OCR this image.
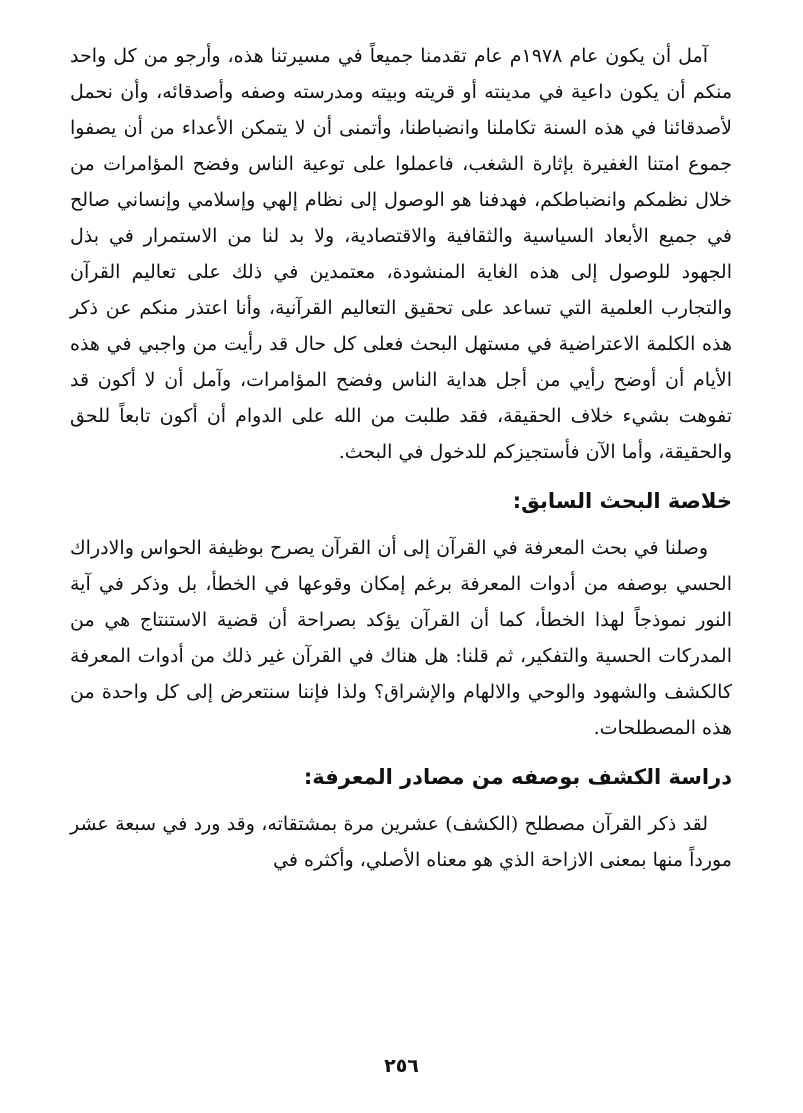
آمل أن يكون عام ١٩٧٨م عام تقدمنا جميعاً في مسيرتنا هذه، وأرجو من كل واحد منكم أن يكون داعية في مدينته أو قريته وبيته ومدرسته وصفه وأصدقائه، وأن نحمل لأصدقائنا في هذه السنة تكاملنا وانضباطنا، وأتمنى أن لا يتمكن الأعداء من أن يصفوا جموع امتنا الغفيرة بإثارة الشغب، فاعملوا على توعية الناس وفضح المؤامرات من خلال نظمكم وانضباطكم، فهدفنا هو الوصول إلى نظام إلهي وإسلامي وإنساني صالح في جميع الأبعاد السياسية والثقافية والاقتصادية، ولا بد لنا من الاستمرار في بذل الجهود للوصول إلى هذه الغاية المنشودة، معتمدين في ذلك على تعاليم القرآن والتجارب العلمية التي تساعد على تحقيق التعاليم القرآنية، وأنا اعتذر منكم عن ذكر هذه الكلمة الاعتراضية في مستهل البحث فعلى كل حال قد رأيت من واجبي في هذه الأيام أن أوضح رأيي من أجل هداية الناس وفضح المؤامرات، وآمل أن لا أكون قد تفوهت بشيء خلاف الحقيقة، فقد طلبت من الله على الدوام أن أكون تابعاً للحق والحقيقة، وأما الآن فأستجيزكم للدخول في البحث.

خلاصة البحث السابق:

وصلنا في بحث المعرفة في القرآن إلى أن القرآن يصرح بوظيفة الحواس والادراك الحسي بوصفه من أدوات المعرفة برغم إمكان وقوعها في الخطأ، بل وذكر في آية النور نموذجاً لهذا الخطأ، كما أن القرآن يؤكد بصراحة أن قضية الاستنتاج هي من المدركات الحسية والتفكير، ثم قلنا: هل هناك في القرآن غير ذلك من أدوات المعرفة كالكشف والشهود والوحي والالهام والإشراق؟ ولذا فإننا سنتعرض إلى كل واحدة من هذه المصطلحات.

دراسة الكشف بوصفه من مصادر المعرفة:

لقد ذكر القرآن مصطلح (الكشف) عشرين مرة بمشتقاته، وقد ورد في سبعة عشر مورداً منها بمعنى الازاحة الذي هو معناه الأصلي، وأكثره في

٢٥٦
